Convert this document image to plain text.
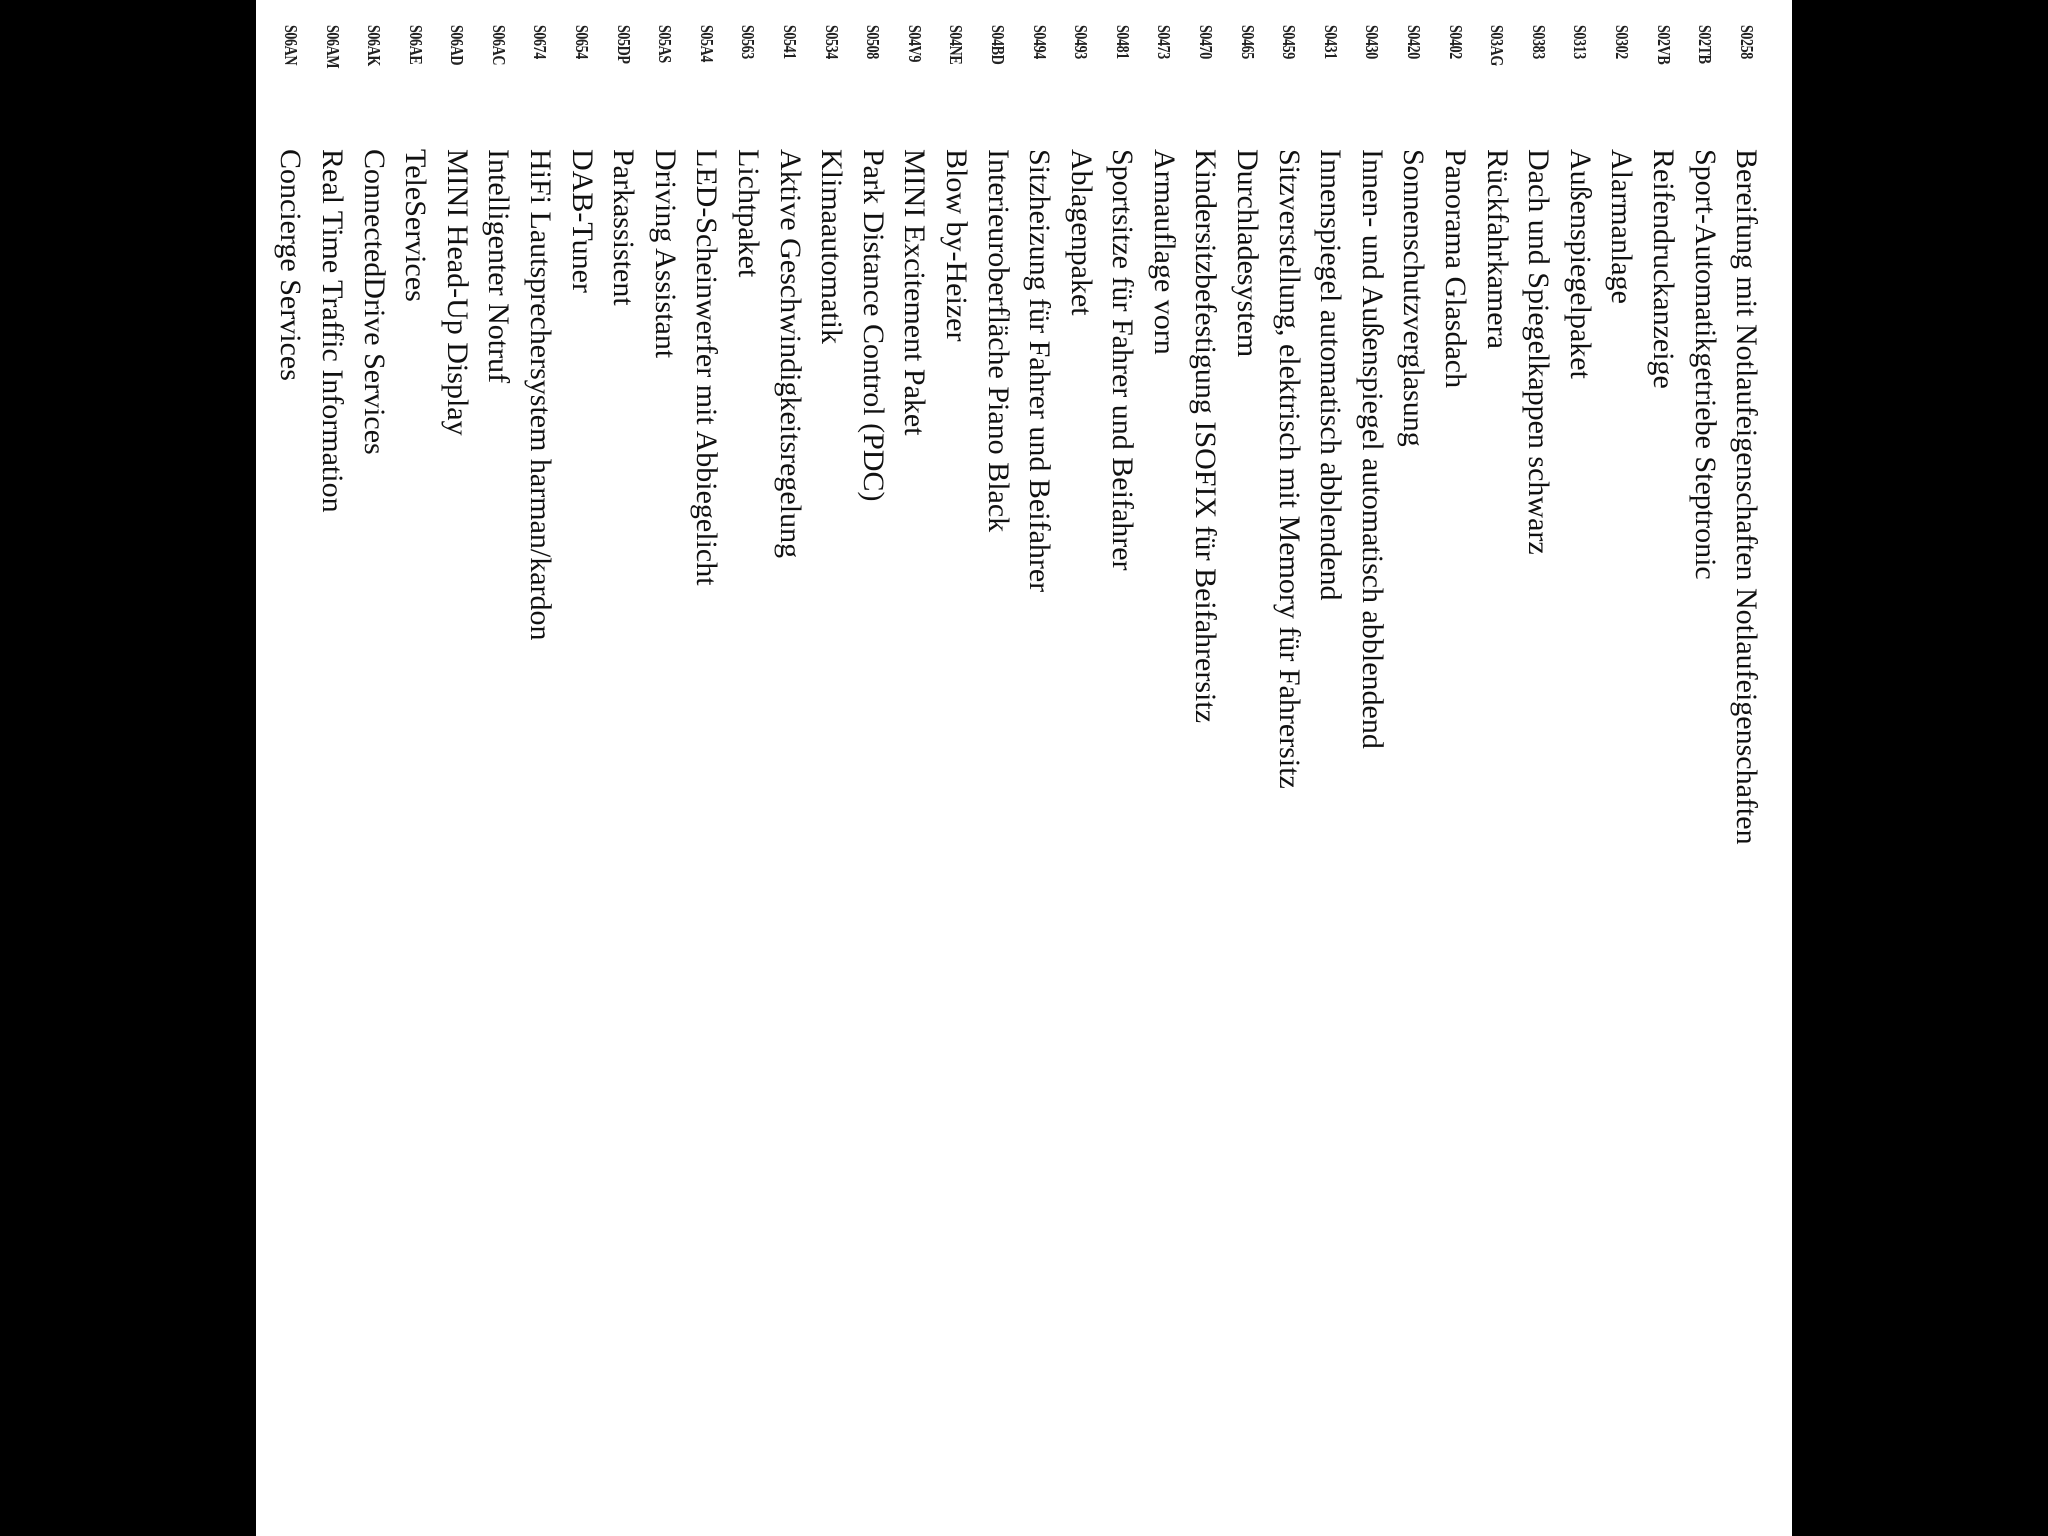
S0258
Bereifung mit Notlaufeigenschaften Notlaufeigenschaften
S02TB
Sport-Automatikgetriebe Steptronic
S02VB
Reifendruckanzeige
S0302
Alarmanlage
S0313
Außenspiegelpaket
S0383
Dach und Spiegelkappen schwarz
S03AG
Rückfahrkamera
S0402
Panorama Glasdach
S0420
Sonnenschutzverglasung
S0430
Innen- und Außenspiegel automatisch abblendend
S0431
Innenspiegel automatisch abblendend
S0459
Sitzverstellung, elektrisch mit Memory für Fahrersitz
S0465
Durchladesystem
S0470
Kindersitzbefestigung ISOFIX für Beifahrersitz
S0473
Armauflage vorn
S0481
Sportsitze für Fahrer und Beifahrer
S0493
Ablagenpaket
S0494
Sitzheizung für Fahrer und Beifahrer
S04BD
Interieuroberfläche Piano Black
S04NE
Blow by-Heizer
S04V9
MINI Excitement Paket
S0508
Park Distance Control (PDC)
S0534
Klimaautomatik
S0541
Aktive Geschwindigkeitsregelung
S0563
Lichtpaket
S05A4
LED-Scheinwerfer mit Abbiegelicht
S05AS
Driving Assistant
S05DP
Parkassistent
S0654
DAB-Tuner
S0674
HiFi Lautsprechersystem harman/kardon
S06AC
Intelligenter Notruf
S06AD
MINI Head-Up Display
S06AE
TeleServices
S06AK
ConnectedDrive Services
S06AM
Real Time Traffic Information
S06AN
Concierge Services
